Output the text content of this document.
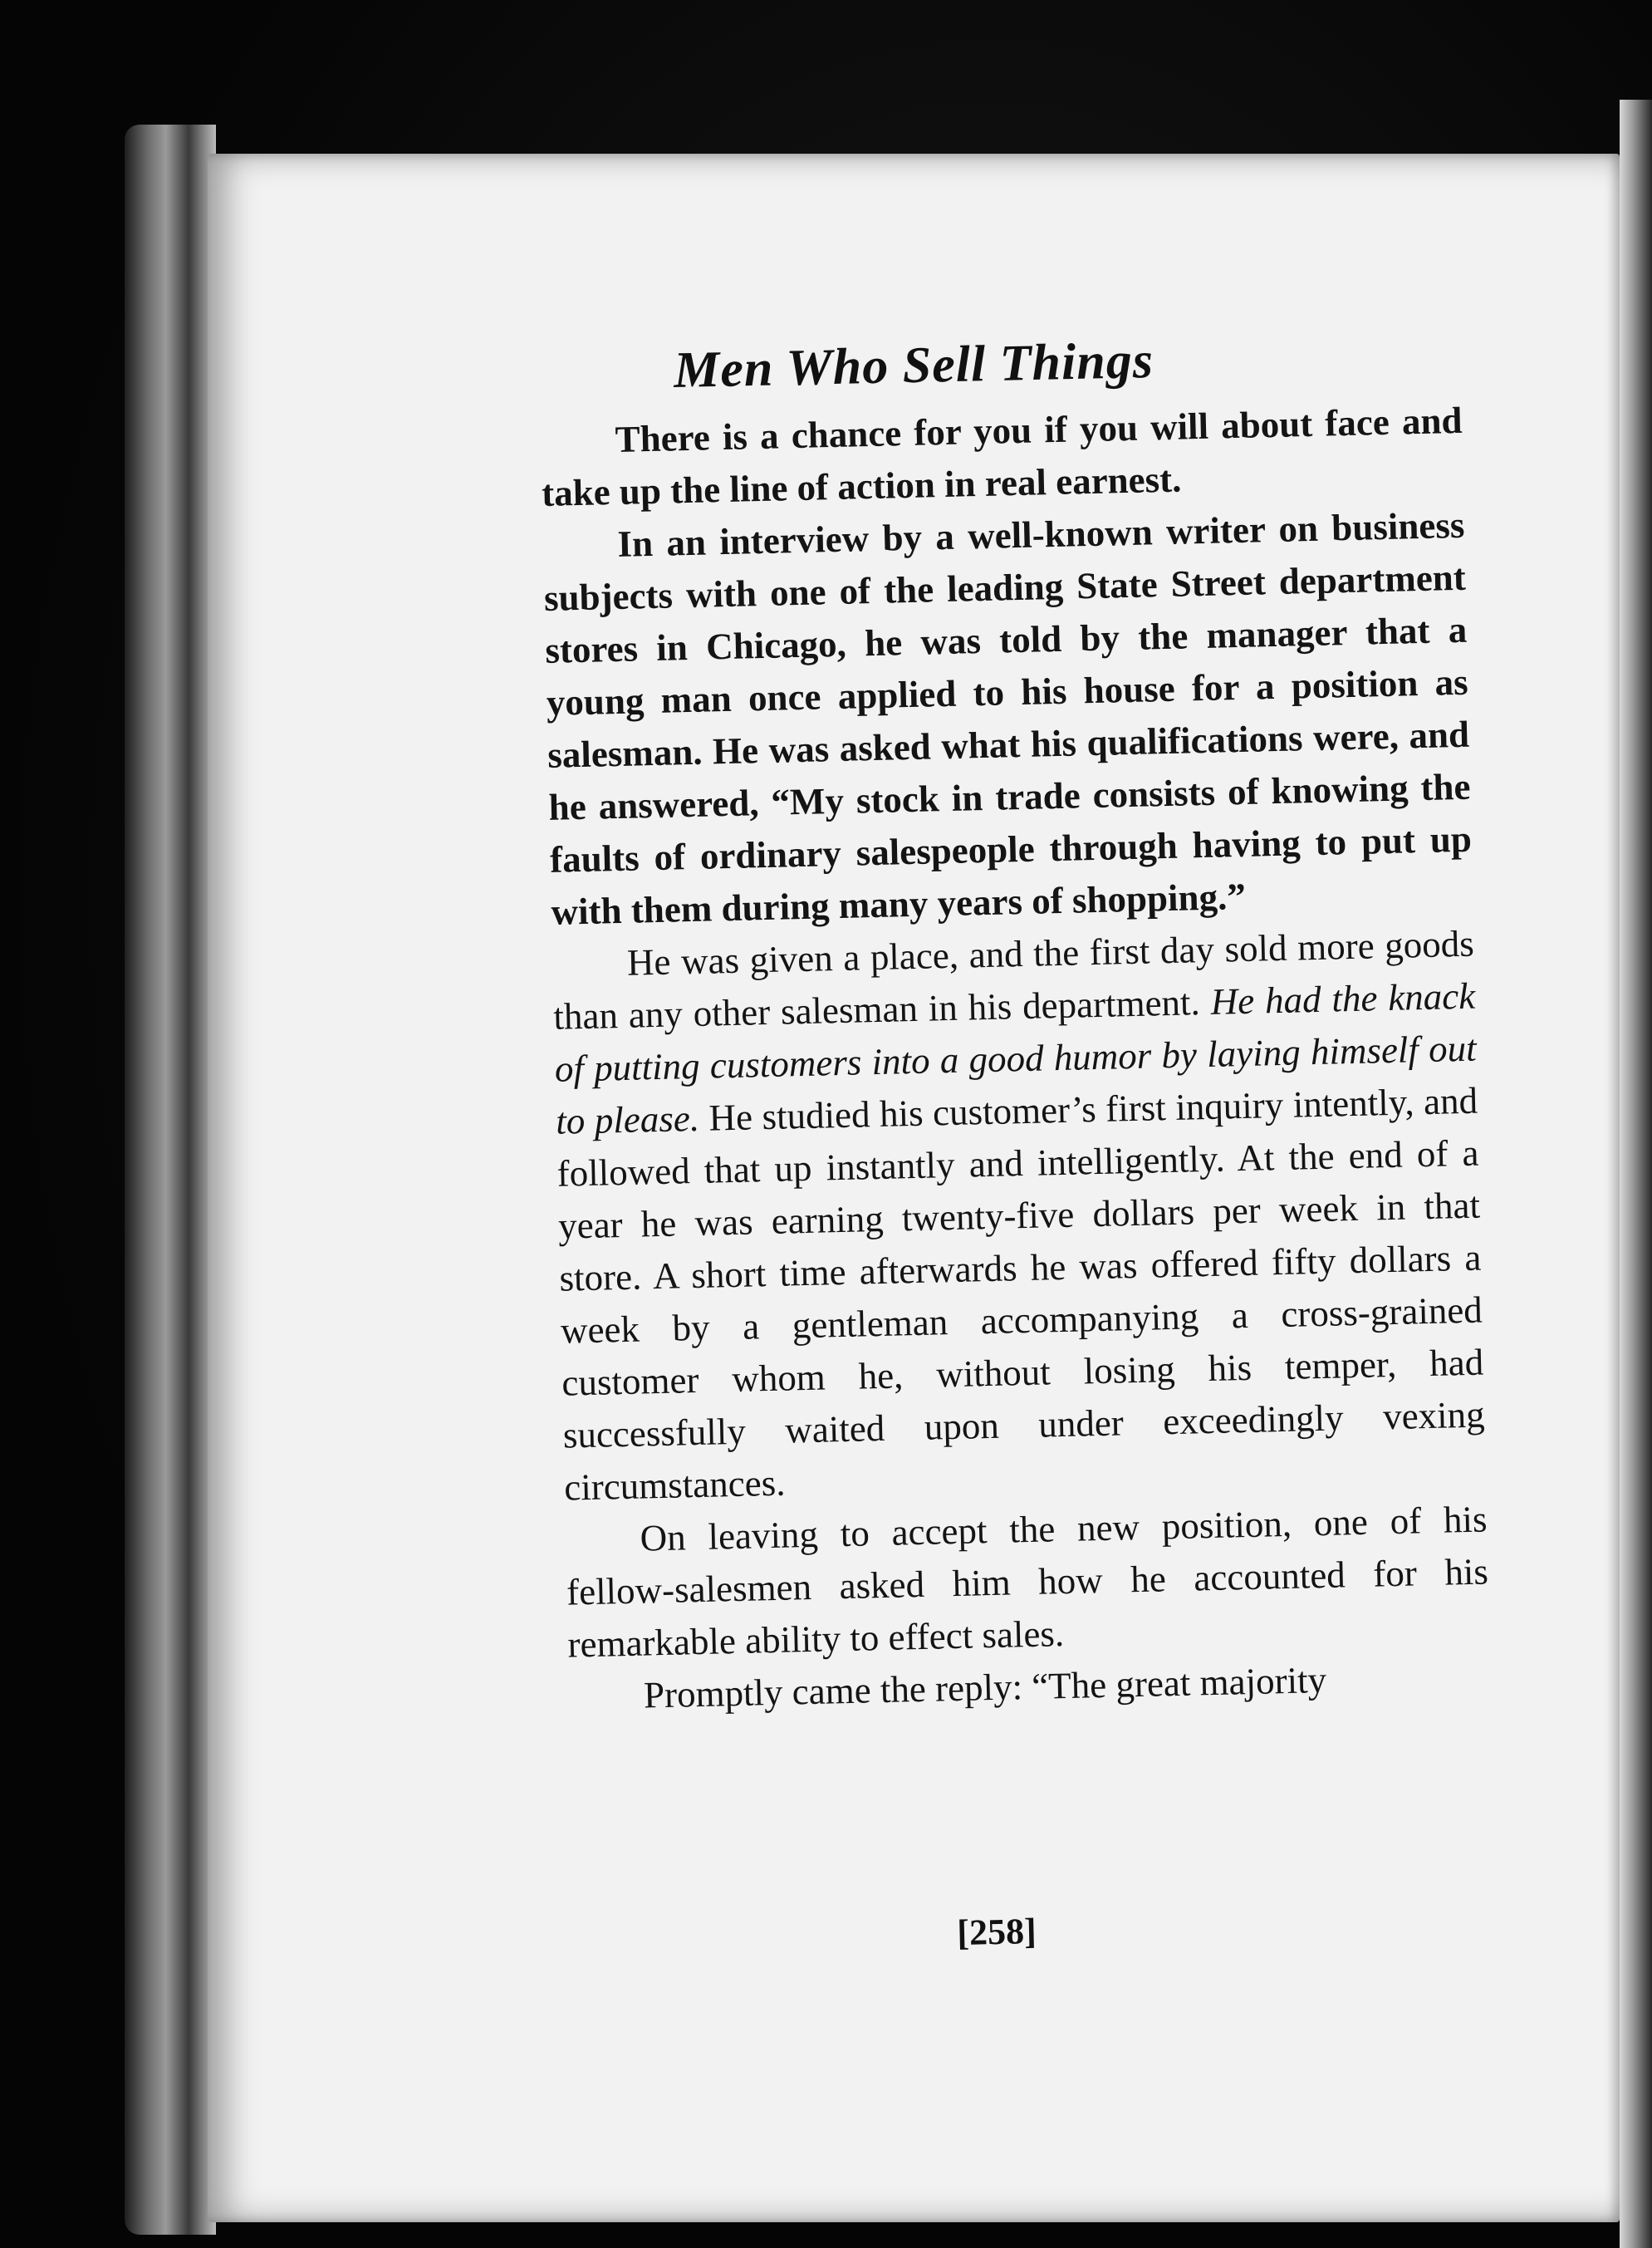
Men Who Sell Things

There is a chance for you if you will about face and take up the line of action in real earnest.

In an interview by a well-known writer on business subjects with one of the leading State Street department stores in Chicago, he was told by the manager that a young man once applied to his house for a position as salesman. He was asked what his qualifications were, and he answered, “My stock in trade consists of knowing the faults of ordinary salespeople through having to put up with them during many years of shopping.”

He was given a place, and the first day sold more goods than any other salesman in his department. He had the knack of putting customers into a good humor by laying himself out to please. He studied his customer’s first inquiry intently, and followed that up instantly and intelligently. At the end of a year he was earning twenty-five dollars per week in that store. A short time afterwards he was offered fifty dollars a week by a gentleman accompanying a cross-grained customer whom he, without losing his temper, had successfully waited upon under exceedingly vexing circumstances.

On leaving to accept the new position, one of his fellow-salesmen asked him how he accounted for his remarkable ability to effect sales.

Promptly came the reply: “The great majority

[258]
